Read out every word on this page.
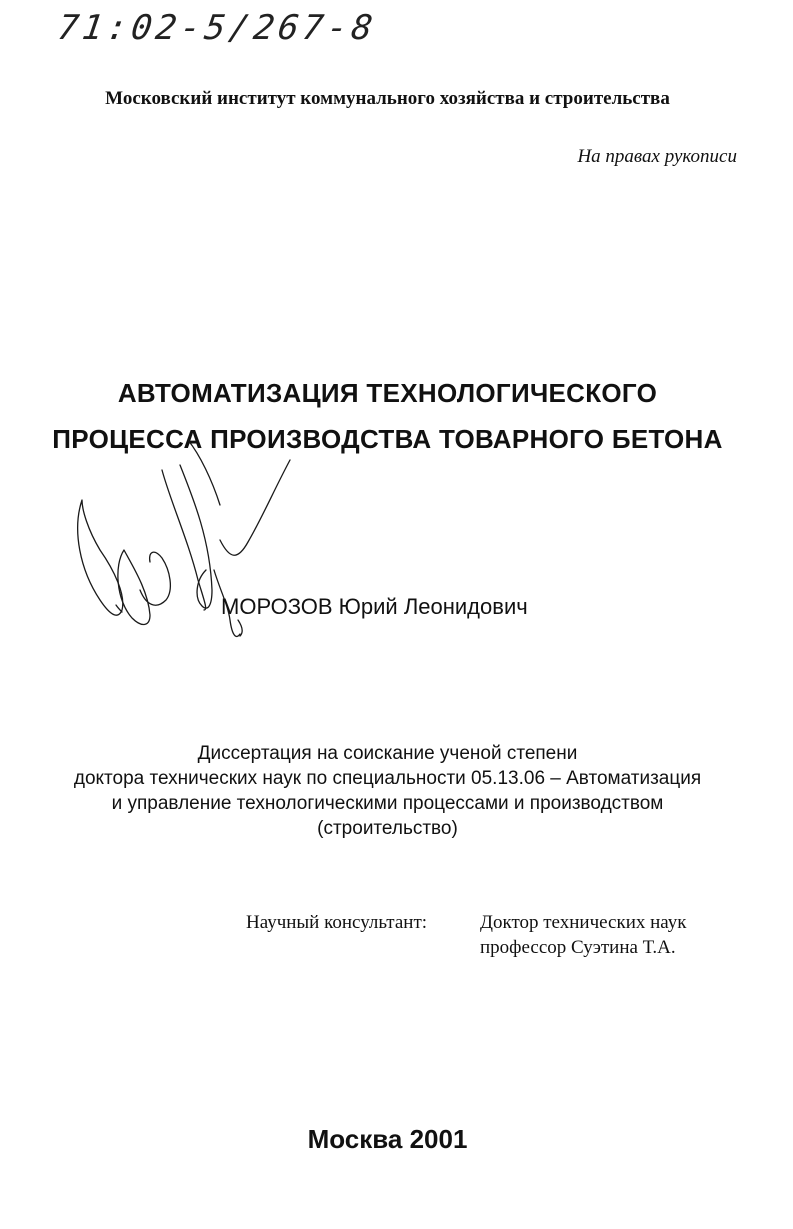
71:02-5/267-8
Московский институт коммунального хозяйства и строительства
На правах рукописи
АВТОМАТИЗАЦИЯ ТЕХНОЛОГИЧЕСКОГО
ПРОЦЕССА ПРОИЗВОДСТВА ТОВАРНОГО БЕТОНА
МОРОЗОВ Юрий Леонидович
Диссертация на соискание ученой степени
доктора технических наук по специальности 05.13.06 – Автоматизация
и управление технологическими процессами и производством
(строительство)
Научный консультант:	Доктор технических наук
профессор Суэтина Т.А.
Москва 2001
